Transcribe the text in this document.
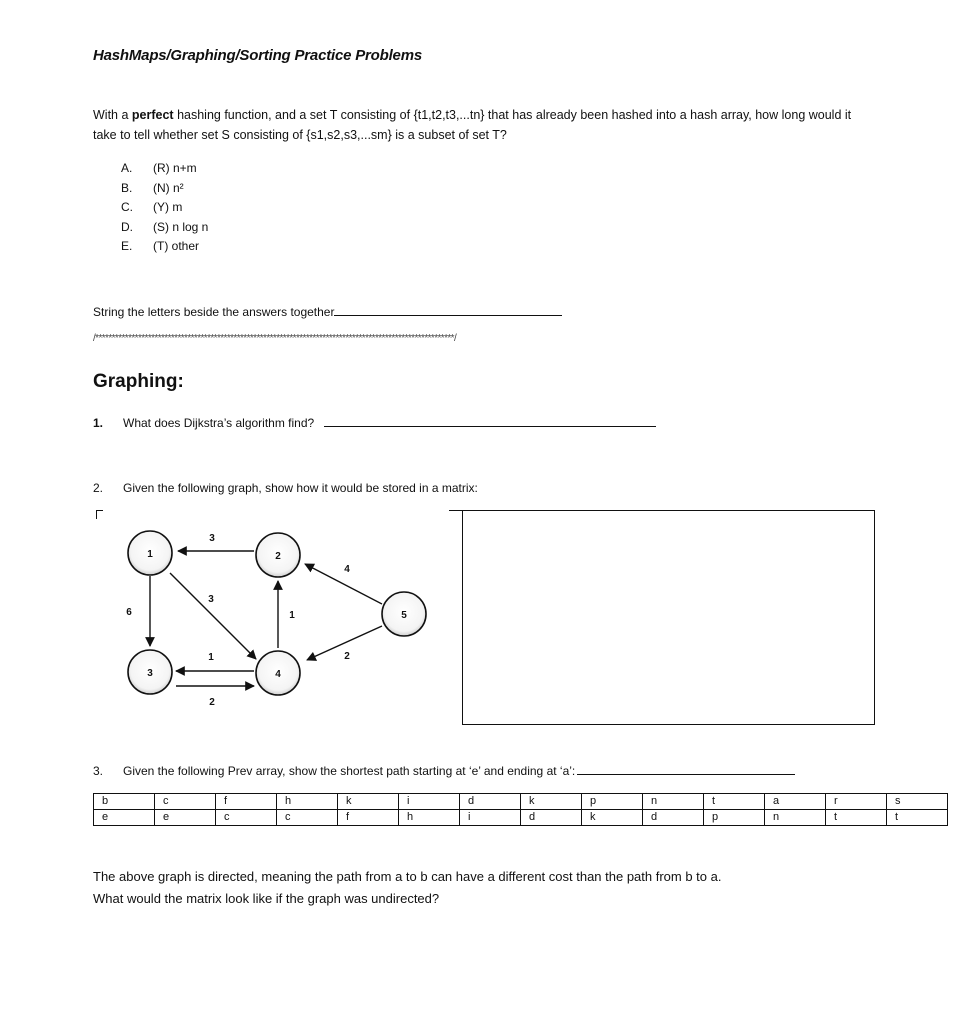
HashMaps/Graphing/Sorting Practice Problems
With a perfect hashing function, and a set T consisting of {t1,t2,t3,...tn} that has already been hashed into a hash array, how long would it take to tell whether set S consisting of {s1,s2,s3,...sm} is a subset of set T?
A.	(R) n+m
B.	(N) n²
C.	(Y) m
D.	(S) n log n
E.	(T) other
String the letters beside the answers together
/*************************************************************************************************************/
Graphing:
1. What does Dijkstra’s algorithm find?
2. Given the following graph, show how it would be stored in a matrix:
3
6
3
1
4
1	2
2
1	2
3	4
5
3. Given the following Prev array, show the shortest path starting at ‘e’ and ending at ‘a’:
b	c	f	h	k	i	d	k	p	n	t	a	r	s
e	e	c	c	f	h	i	d	k	d	p	n	t	t
The above graph is directed, meaning the path from a to b can have a different cost than the path from b to a.
What would the matrix look like if the graph was undirected?
